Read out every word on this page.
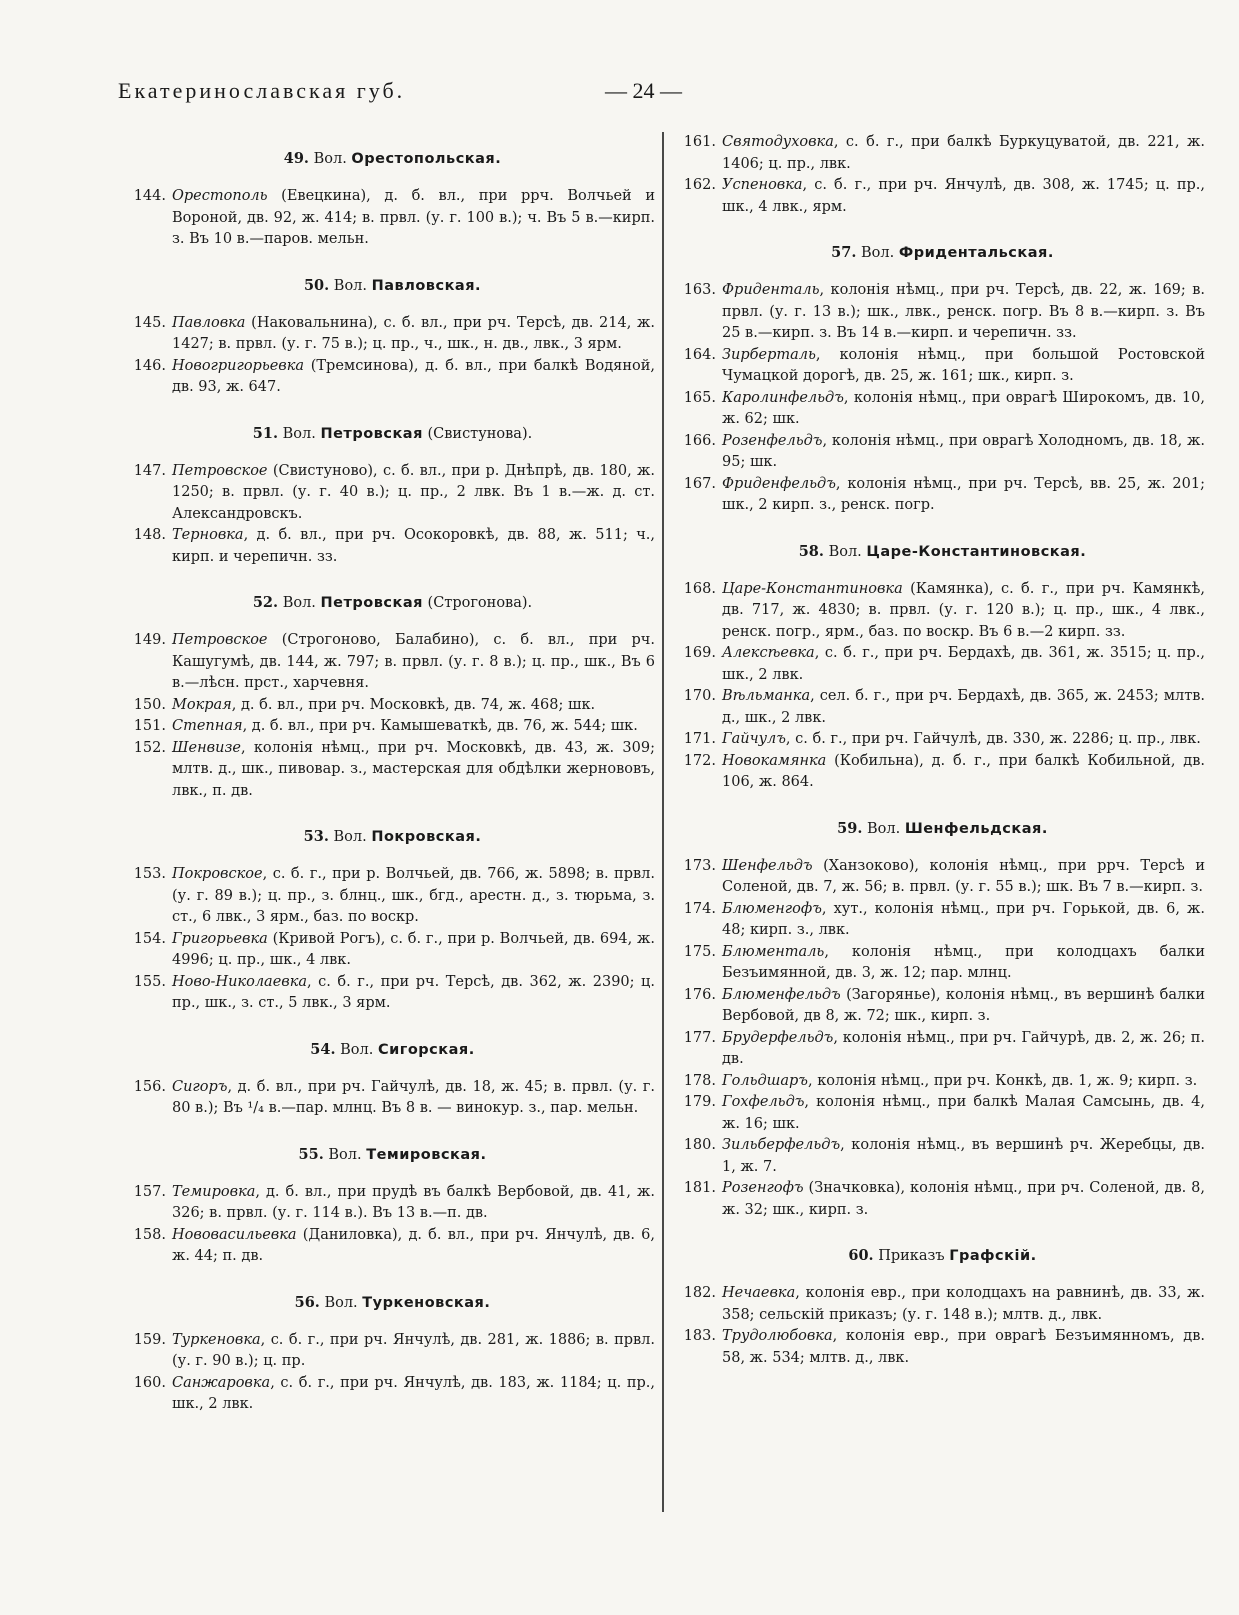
Екатеринославская губ.	— 24 —
49. Вол. Орестопольская.
144. Орестополь (Евецкина), д. б. вл., при ррч. Волчьей и Вороной, дв. 92, ж. 414; в. првл. (у. г. 100 в.); ч. Въ 5 в.—кирп. з. Въ 10 в.—паров. мельн.
50. Вол. Павловская.
145. Павловка (Наковальнина), с. б. вл., при рч. Терсѣ, дв. 214, ж. 1427; в. првл. (у. г. 75 в.); ц. пр., ч., шк., н. дв., лвк., 3 ярм.
146. Новогригорьевка (Тремсинова), д. б. вл., при балкѣ Водяной, дв. 93, ж. 647.
51. Вол. Петровская (Свистунова).
147. Петровское (Свистуново), с. б. вл., при р. Днѣпрѣ, дв. 180, ж. 1250; в. првл. (у. г. 40 в.); ц. пр., 2 лвк. Въ 1 в.—ж. д. ст. Александровскъ.
148. Терновка, д. б. вл., при рч. Осокоровкѣ, дв. 88, ж. 511; ч., кирп. и черепичн. зз.
52. Вол. Петровская (Строгонова).
149. Петровское (Строгоново, Балабино), с. б. вл., при рч. Кашугумѣ, дв. 144, ж. 797; в. првл. (у. г. 8 в.); ц. пр., шк., Въ 6 в.—лѣсн. прст., харчевня.
150. Мокрая, д. б. вл., при рч. Московкѣ, дв. 74, ж. 468; шк.
151. Степная, д. б. вл., при рч. Камышеваткѣ, дв. 76, ж. 544; шк.
152. Шенвизе, колонія нѣмц., при рч. Московкѣ, дв. 43, ж. 309; млтв. д., шк., пивовар. з., мастерская для обдѣлки жернововъ, лвк., п. дв.
53. Вол. Покровская.
153. Покровское, с. б. г., при р. Волчьей, дв. 766, ж. 5898; в. првл. (у. г. 89 в.); ц. пр., з. блнц., шк., бгд., арестн. д., з. тюрьма, з. ст., 6 лвк., 3 ярм., баз. по воскр.
154. Григорьевка (Кривой Рогъ), с. б. г., при р. Волчьей, дв. 694, ж. 4996; ц. пр., шк., 4 лвк.
155. Ново-Николаевка, с. б. г., при рч. Терсѣ, дв. 362, ж. 2390; ц. пр., шк., з. ст., 5 лвк., 3 ярм.
54. Вол. Сигорская.
156. Сигоръ, д. б. вл., при рч. Гайчулѣ, дв. 18, ж. 45; в. првл. (у. г. 80 в.); Въ ¹/₄ в.—пар. млнц. Въ 8 в. — винокур. з., пар. мельн.
55. Вол. Темировская.
157. Темировка, д. б. вл., при прудѣ въ балкѣ Вербовой, дв. 41, ж. 326; в. првл. (у. г. 114 в.). Въ 13 в.—п. дв.
158. Нововасильевка (Даниловка), д. б. вл., при рч. Янчулѣ, дв. 6, ж. 44; п. дв.
56. Вол. Туркеновская.
159. Туркеновка, с. б. г., при рч. Янчулѣ, дв. 281, ж. 1886; в. првл. (у. г. 90 в.); ц. пр.
160. Санжаровка, с. б. г., при рч. Янчулѣ, дв. 183, ж. 1184; ц. пр., шк., 2 лвк.
161. Святодуховка, с. б. г., при балкѣ Буркуцуватой, дв. 221, ж. 1406; ц. пр., лвк.
162. Успеновка, с. б. г., при рч. Янчулѣ, дв. 308, ж. 1745; ц. пр., шк., 4 лвк., ярм.
57. Вол. Фридентальская.
163. Фриденталь, колонія нѣмц., при рч. Терсѣ, дв. 22, ж. 169; в. првл. (у. г. 13 в.); шк., лвк., ренск. погр. Въ 8 в.—кирп. з. Въ 25 в.—кирп. з. Въ 14 в.—кирп. и черепичн. зз.
164. Зирберталь, колонія нѣмц., при большой Ростовской Чумацкой дорогѣ, дв. 25, ж. 161; шк., кирп. з.
165. Каролинфельдъ, колонія нѣмц., при оврагѣ Широкомъ, дв. 10, ж. 62; шк.
166. Розенфельдъ, колонія нѣмц., при оврагѣ Холодномъ, дв. 18, ж. 95; шк.
167. Фриденфельдъ, колонія нѣмц., при рч. Терсѣ, вв. 25, ж. 201; шк., 2 кирп. з., ренск. погр.
58. Вол. Царе-Константиновская.
168. Царе-Константиновка (Камянка), с. б. г., при рч. Камянкѣ, дв. 717, ж. 4830; в. првл. (у. г. 120 в.); ц. пр., шк., 4 лвк., ренск. погр., ярм., баз. по воскр. Въ 6 в.—2 кирп. зз.
169. Алексѣевка, с. б. г., при рч. Бердахѣ, дв. 361, ж. 3515; ц. пр., шк., 2 лвк.
170. Вѣльманка, сел. б. г., при рч. Бердахѣ, дв. 365, ж. 2453; млтв. д., шк., 2 лвк.
171. Гайчулъ, с. б. г., при рч. Гайчулѣ, дв. 330, ж. 2286; ц. пр., лвк.
172. Новокамянка (Кобильна), д. б. г., при балкѣ Кобильной, дв. 106, ж. 864.
59. Вол. Шенфельдская.
173. Шенфельдъ (Ханзоково), колонія нѣмц., при ррч. Терсѣ и Соленой, дв. 7, ж. 56; в. првл. (у. г. 55 в.); шк. Въ 7 в.—кирп. з.
174. Блюменгофъ, хут., колонія нѣмц., при рч. Горькой, дв. 6, ж. 48; кирп. з., лвк.
175. Блюменталь, колонія нѣмц., при колодцахъ балки Безъимянной, дв. 3, ж. 12; пар. млнц.
176. Блюменфельдъ (Загорянье), колонія нѣмц., въ вершинѣ балки Вербовой, дв 8, ж. 72; шк., кирп. з.
177. Брудерфельдъ, колонія нѣмц., при рч. Гайчурѣ, дв. 2, ж. 26; п. дв.
178. Гольдшаръ, колонія нѣмц., при рч. Конкѣ, дв. 1, ж. 9; кирп. з.
179. Гохфельдъ, колонія нѣмц., при балкѣ Малая Самсынь, дв. 4, ж. 16; шк.
180. Зильберфельдъ, колонія нѣмц., въ вершинѣ рч. Жеребцы, дв. 1, ж. 7.
181. Розенгофъ (Значковка), колонія нѣмц., при рч. Соленой, дв. 8, ж. 32; шк., кирп. з.
60. Приказъ Графскій.
182. Нечаевка, колонія евр., при колодцахъ на равнинѣ, дв. 33, ж. 358; сельскій приказъ; (у. г. 148 в.); млтв. д., лвк.
183. Трудолюбовка, колонія евр., при оврагѣ Безъимянномъ, дв. 58, ж. 534; млтв. д., лвк.
